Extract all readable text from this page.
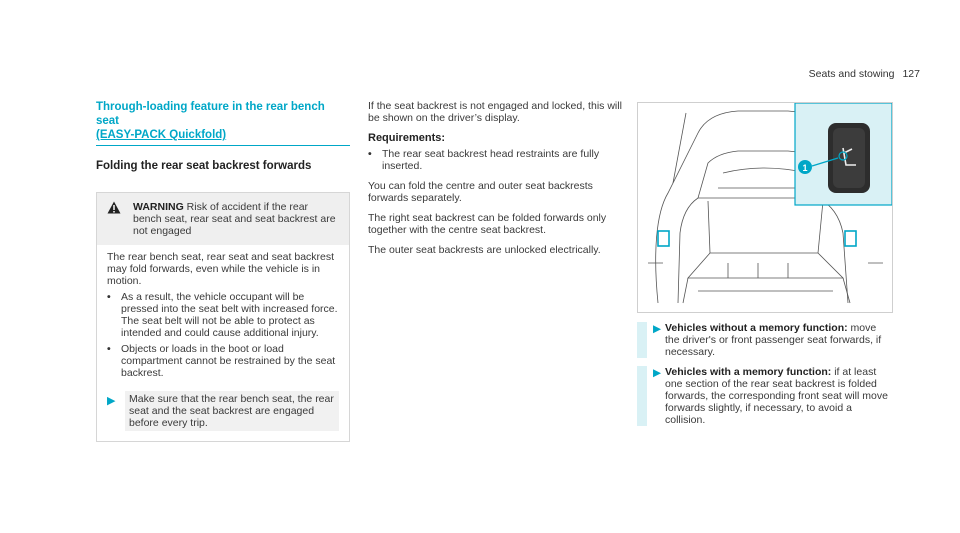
Seats and stowing 127
Through-loading feature in the rear bench seat
(EASY-PACK Quickfold)
Folding the rear seat backrest forwards
WARNING Risk of accident if the rear bench seat, rear seat and seat backrest are not engaged

The rear bench seat, rear seat and seat backrest may fold forwards, even while the vehicle is in motion.

• As a result, the vehicle occupant will be pressed into the seat belt with increased force. The seat belt will not be able to protect as intended and could cause additional injury.
• Objects or loads in the boot or load compartment cannot be restrained by the seat backrest.
▶	Make sure that the rear bench seat, the rear seat and the seat backrest are engaged before every trip.

If the seat backrest is not engaged and locked, this will be shown on the driver’s display.

Requirements:
• The rear seat backrest head restraints are fully inserted.

You can fold the centre and outer seat backrests forwards separately.

The right seat backrest can be folded forwards only together with the centre seat backrest.

The outer seat backrests are unlocked electrically.

1
▶ Vehicles without a memory function: move the driver's or front passenger seat forwards, if necessary.
▶ Vehicles with a memory function: if at least one section of the rear seat backrest is folded forwards, the corresponding front seat will move forwards slightly, if necessary, to avoid a collision.
